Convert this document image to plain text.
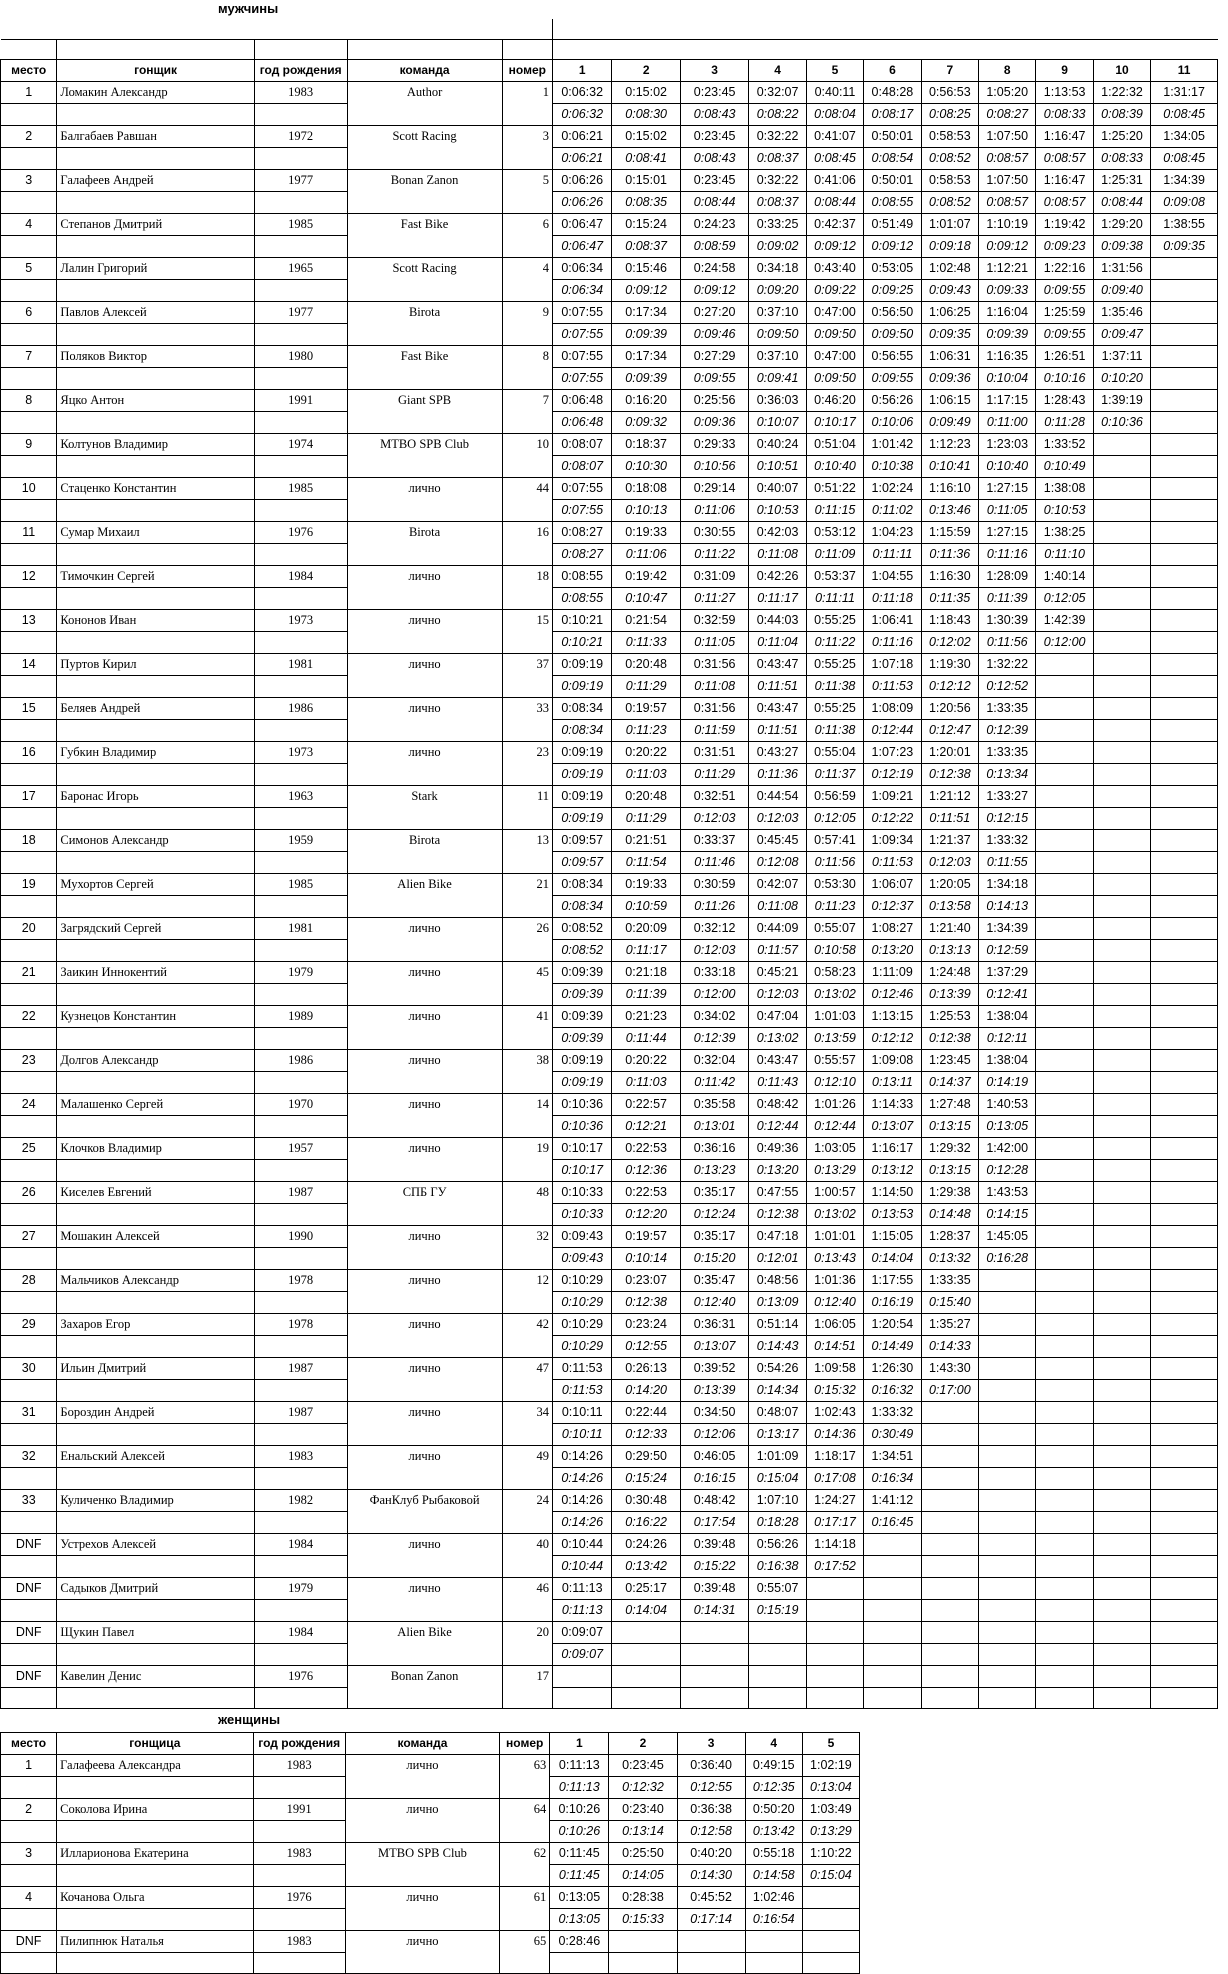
мужчины

место	гонщик	год рождения	команда	номер	1	2	3	4	5	6	7	8	9	10	11
1	Ломакин Александр	1983	Author	1	0:06:32	0:15:02	0:23:45	0:32:07	0:40:11	0:48:28	0:56:53	1:05:20	1:13:53	1:22:32	1:31:17
					0:06:32	0:08:30	0:08:43	0:08:22	0:08:04	0:08:17	0:08:25	0:08:27	0:08:33	0:08:39	0:08:45
2	Балгабаев Равшан	1972	Scott Racing	3	0:06:21	0:15:02	0:23:45	0:32:22	0:41:07	0:50:01	0:58:53	1:07:50	1:16:47	1:25:20	1:34:05
					0:06:21	0:08:41	0:08:43	0:08:37	0:08:45	0:08:54	0:08:52	0:08:57	0:08:57	0:08:33	0:08:45
3	Галафеев Андрей	1977	Bonan Zanon	5	0:06:26	0:15:01	0:23:45	0:32:22	0:41:06	0:50:01	0:58:53	1:07:50	1:16:47	1:25:31	1:34:39
					0:06:26	0:08:35	0:08:44	0:08:37	0:08:44	0:08:55	0:08:52	0:08:57	0:08:57	0:08:44	0:09:08
4	Степанов Дмитрий	1985	Fast Bike	6	0:06:47	0:15:24	0:24:23	0:33:25	0:42:37	0:51:49	1:01:07	1:10:19	1:19:42	1:29:20	1:38:55
					0:06:47	0:08:37	0:08:59	0:09:02	0:09:12	0:09:12	0:09:18	0:09:12	0:09:23	0:09:38	0:09:35
5	Лалин Григорий	1965	Scott Racing	4	0:06:34	0:15:46	0:24:58	0:34:18	0:43:40	0:53:05	1:02:48	1:12:21	1:22:16	1:31:56	
					0:06:34	0:09:12	0:09:12	0:09:20	0:09:22	0:09:25	0:09:43	0:09:33	0:09:55	0:09:40	
6	Павлов Алексей	1977	Birota	9	0:07:55	0:17:34	0:27:20	0:37:10	0:47:00	0:56:50	1:06:25	1:16:04	1:25:59	1:35:46	
					0:07:55	0:09:39	0:09:46	0:09:50	0:09:50	0:09:50	0:09:35	0:09:39	0:09:55	0:09:47	
7	Поляков Виктор	1980	Fast Bike	8	0:07:55	0:17:34	0:27:29	0:37:10	0:47:00	0:56:55	1:06:31	1:16:35	1:26:51	1:37:11	
					0:07:55	0:09:39	0:09:55	0:09:41	0:09:50	0:09:55	0:09:36	0:10:04	0:10:16	0:10:20	
8	Яцко Антон	1991	Giant SPB	7	0:06:48	0:16:20	0:25:56	0:36:03	0:46:20	0:56:26	1:06:15	1:17:15	1:28:43	1:39:19	
					0:06:48	0:09:32	0:09:36	0:10:07	0:10:17	0:10:06	0:09:49	0:11:00	0:11:28	0:10:36	
9	Колтунов Владимир	1974	MTBO SPB Club	10	0:08:07	0:18:37	0:29:33	0:40:24	0:51:04	1:01:42	1:12:23	1:23:03	1:33:52		
					0:08:07	0:10:30	0:10:56	0:10:51	0:10:40	0:10:38	0:10:41	0:10:40	0:10:49		
10	Стаценко Константин	1985	лично	44	0:07:55	0:18:08	0:29:14	0:40:07	0:51:22	1:02:24	1:16:10	1:27:15	1:38:08		
					0:07:55	0:10:13	0:11:06	0:10:53	0:11:15	0:11:02	0:13:46	0:11:05	0:10:53		
11	Сумар Михаил	1976	Birota	16	0:08:27	0:19:33	0:30:55	0:42:03	0:53:12	1:04:23	1:15:59	1:27:15	1:38:25		
					0:08:27	0:11:06	0:11:22	0:11:08	0:11:09	0:11:11	0:11:36	0:11:16	0:11:10		
12	Тимочкин Сергей	1984	лично	18	0:08:55	0:19:42	0:31:09	0:42:26	0:53:37	1:04:55	1:16:30	1:28:09	1:40:14		
					0:08:55	0:10:47	0:11:27	0:11:17	0:11:11	0:11:18	0:11:35	0:11:39	0:12:05		
13	Кононов Иван	1973	лично	15	0:10:21	0:21:54	0:32:59	0:44:03	0:55:25	1:06:41	1:18:43	1:30:39	1:42:39		
					0:10:21	0:11:33	0:11:05	0:11:04	0:11:22	0:11:16	0:12:02	0:11:56	0:12:00		
14	Пуртов Кирил	1981	лично	37	0:09:19	0:20:48	0:31:56	0:43:47	0:55:25	1:07:18	1:19:30	1:32:22			
					0:09:19	0:11:29	0:11:08	0:11:51	0:11:38	0:11:53	0:12:12	0:12:52			
15	Беляев Андрей	1986	лично	33	0:08:34	0:19:57	0:31:56	0:43:47	0:55:25	1:08:09	1:20:56	1:33:35			
					0:08:34	0:11:23	0:11:59	0:11:51	0:11:38	0:12:44	0:12:47	0:12:39			
16	Губкин Владимир	1973	лично	23	0:09:19	0:20:22	0:31:51	0:43:27	0:55:04	1:07:23	1:20:01	1:33:35			
					0:09:19	0:11:03	0:11:29	0:11:36	0:11:37	0:12:19	0:12:38	0:13:34			
17	Баронас Игорь	1963	Stark	11	0:09:19	0:20:48	0:32:51	0:44:54	0:56:59	1:09:21	1:21:12	1:33:27			
					0:09:19	0:11:29	0:12:03	0:12:03	0:12:05	0:12:22	0:11:51	0:12:15			
18	Симонов Александр	1959	Birota	13	0:09:57	0:21:51	0:33:37	0:45:45	0:57:41	1:09:34	1:21:37	1:33:32			
					0:09:57	0:11:54	0:11:46	0:12:08	0:11:56	0:11:53	0:12:03	0:11:55			
19	Мухортов Сергей	1985	Alien Bike	21	0:08:34	0:19:33	0:30:59	0:42:07	0:53:30	1:06:07	1:20:05	1:34:18			
					0:08:34	0:10:59	0:11:26	0:11:08	0:11:23	0:12:37	0:13:58	0:14:13			
20	Загрядский Сергей	1981	лично	26	0:08:52	0:20:09	0:32:12	0:44:09	0:55:07	1:08:27	1:21:40	1:34:39			
					0:08:52	0:11:17	0:12:03	0:11:57	0:10:58	0:13:20	0:13:13	0:12:59			
21	Заикин Иннокентий	1979	лично	45	0:09:39	0:21:18	0:33:18	0:45:21	0:58:23	1:11:09	1:24:48	1:37:29			
					0:09:39	0:11:39	0:12:00	0:12:03	0:13:02	0:12:46	0:13:39	0:12:41			
22	Кузнецов Константин	1989	лично	41	0:09:39	0:21:23	0:34:02	0:47:04	1:01:03	1:13:15	1:25:53	1:38:04			
					0:09:39	0:11:44	0:12:39	0:13:02	0:13:59	0:12:12	0:12:38	0:12:11			
23	Долгов Александр	1986	лично	38	0:09:19	0:20:22	0:32:04	0:43:47	0:55:57	1:09:08	1:23:45	1:38:04			
					0:09:19	0:11:03	0:11:42	0:11:43	0:12:10	0:13:11	0:14:37	0:14:19			
24	Малашенко Сергей	1970	лично	14	0:10:36	0:22:57	0:35:58	0:48:42	1:01:26	1:14:33	1:27:48	1:40:53			
					0:10:36	0:12:21	0:13:01	0:12:44	0:12:44	0:13:07	0:13:15	0:13:05			
25	Клочков Владимир	1957	лично	19	0:10:17	0:22:53	0:36:16	0:49:36	1:03:05	1:16:17	1:29:32	1:42:00			
					0:10:17	0:12:36	0:13:23	0:13:20	0:13:29	0:13:12	0:13:15	0:12:28			
26	Киселев Евгений	1987	СПБ ГУ	48	0:10:33	0:22:53	0:35:17	0:47:55	1:00:57	1:14:50	1:29:38	1:43:53			
					0:10:33	0:12:20	0:12:24	0:12:38	0:13:02	0:13:53	0:14:48	0:14:15			
27	Мошакин Алексей	1990	лично	32	0:09:43	0:19:57	0:35:17	0:47:18	1:01:01	1:15:05	1:28:37	1:45:05			
					0:09:43	0:10:14	0:15:20	0:12:01	0:13:43	0:14:04	0:13:32	0:16:28			
28	Мальчиков Александр	1978	лично	12	0:10:29	0:23:07	0:35:47	0:48:56	1:01:36	1:17:55	1:33:35				
					0:10:29	0:12:38	0:12:40	0:13:09	0:12:40	0:16:19	0:15:40				
29	Захаров Егор	1978	лично	42	0:10:29	0:23:24	0:36:31	0:51:14	1:06:05	1:20:54	1:35:27				
					0:10:29	0:12:55	0:13:07	0:14:43	0:14:51	0:14:49	0:14:33				
30	Ильин Дмитрий	1987	лично	47	0:11:53	0:26:13	0:39:52	0:54:26	1:09:58	1:26:30	1:43:30				
					0:11:53	0:14:20	0:13:39	0:14:34	0:15:32	0:16:32	0:17:00				
31	Бороздин Андрей	1987	лично	34	0:10:11	0:22:44	0:34:50	0:48:07	1:02:43	1:33:32					
					0:10:11	0:12:33	0:12:06	0:13:17	0:14:36	0:30:49					
32	Енальский Алексей	1983	лично	49	0:14:26	0:29:50	0:46:05	1:01:09	1:18:17	1:34:51					
					0:14:26	0:15:24	0:16:15	0:15:04	0:17:08	0:16:34					
33	Куличенко Владимир	1982	ФанКлуб Рыбаковой	24	0:14:26	0:30:48	0:48:42	1:07:10	1:24:27	1:41:12					
					0:14:26	0:16:22	0:17:54	0:18:28	0:17:17	0:16:45					
DNF	Устрехов Алексей	1984	лично	40	0:10:44	0:24:26	0:39:48	0:56:26	1:14:18						
					0:10:44	0:13:42	0:15:22	0:16:38	0:17:52						
DNF	Садыков Дмитрий	1979	лично	46	0:11:13	0:25:17	0:39:48	0:55:07							
					0:11:13	0:14:04	0:14:31	0:15:19							
DNF	Щукин Павел	1984	Alien Bike	20	0:09:07										
					0:09:07										
DNF	Кавелин Денис	1976	Bonan Zanon	17											

женщины
место	гонщица	год рождения	команда	номер	1	2	3	4	5
1	Галафеева Александра	1983	лично	63	0:11:13	0:23:45	0:36:40	0:49:15	1:02:19
					0:11:13	0:12:32	0:12:55	0:12:35	0:13:04
2	Соколова Ирина	1991	лично	64	0:10:26	0:23:40	0:36:38	0:50:20	1:03:49
					0:10:26	0:13:14	0:12:58	0:13:42	0:13:29
3	Илларионова Екатерина	1983	MTBO SPB Club	62	0:11:45	0:25:50	0:40:20	0:55:18	1:10:22
					0:11:45	0:14:05	0:14:30	0:14:58	0:15:04
4	Кочанова Ольга	1976	лично	61	0:13:05	0:28:38	0:45:52	1:02:46	
					0:13:05	0:15:33	0:17:14	0:16:54	
DNF	Пилипнюк Наталья	1983	лично	65	0:28:46				
